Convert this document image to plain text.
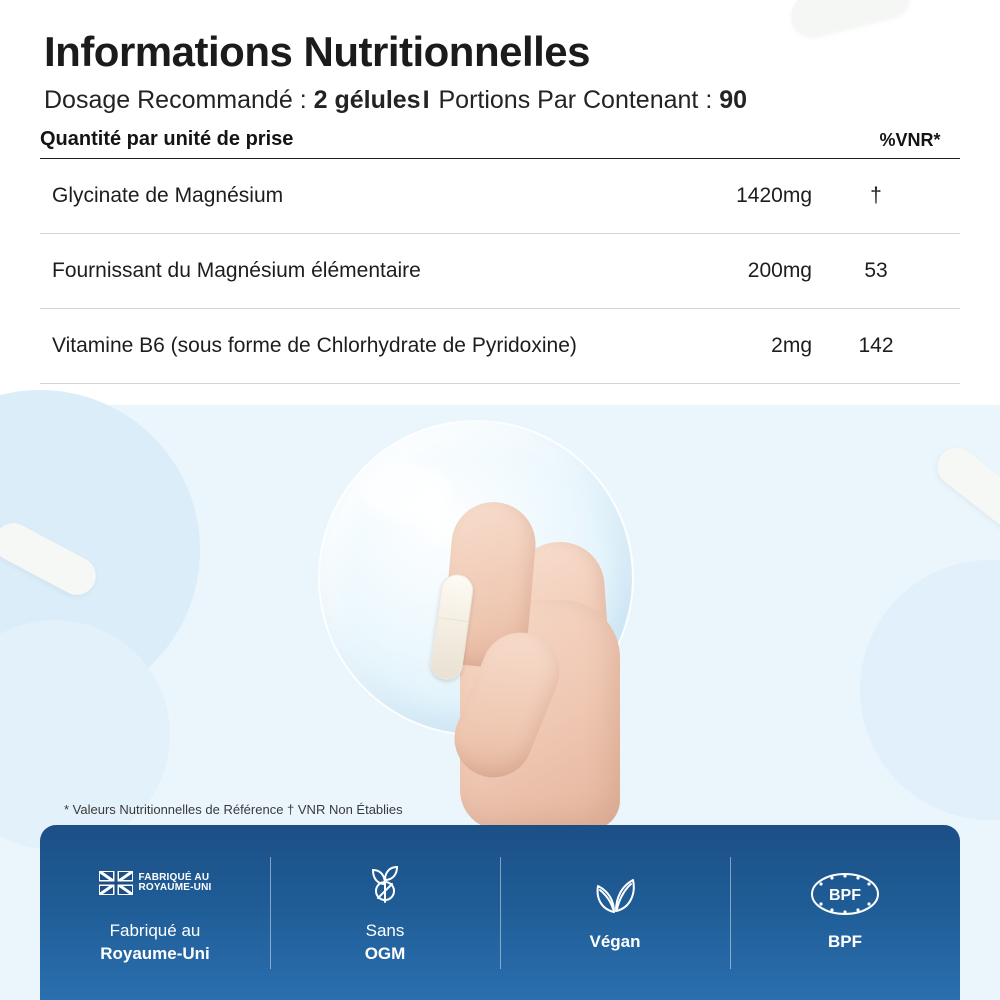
Informations Nutritionnelles
Dosage Recommandé : 2 gélulesI Portions Par Contenant : 90
Quantité par unité de prise	%VNR*
Glycinate de Magnésium	1420mg	†
Fournissant du Magnésium élémentaire	200mg	53
Vitamine B6 (sous forme de Chlorhydrate de Pyridoxine)	2mg	142
* Valeurs Nutritionnelles de Référence † VNR Non Établies
FABRIQUÉ AU
ROYAUME-UNI
Fabriqué au
Royaume-Uni
Sans
OGM
Végan
BPF
BPF
